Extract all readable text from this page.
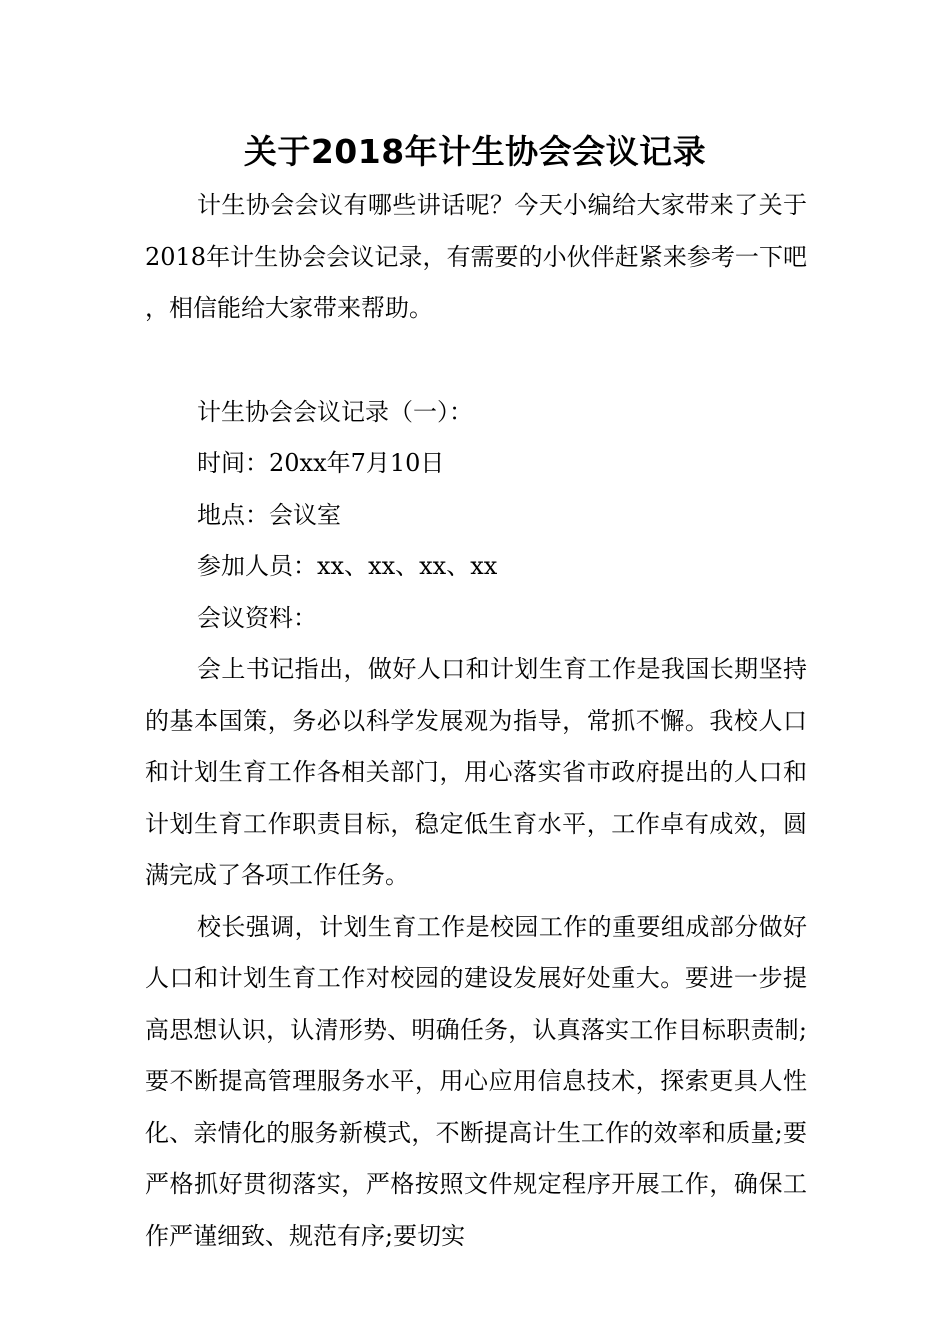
关于2018年计生协会会议记录

计生协会会议有哪些讲话呢？今天小编给大家带来了关于2018年计生协会会议记录，有需要的小伙伴赶紧来参考一下吧，相信能给大家带来帮助。

计生协会会议记录（一）：

时间：20xx年7月10日

地点：会议室

参加人员：xx、xx、xx、xx

会议资料：

会上书记指出，做好人口和计划生育工作是我国长期坚持的基本国策，务必以科学发展观为指导，常抓不懈。我校人口和计划生育工作各相关部门，用心落实省市政府提出的人口和计划生育工作职责目标，稳定低生育水平，工作卓有成效，圆满完成了各项工作任务。

校长强调，计划生育工作是校园工作的重要组成部分做好人口和计划生育工作对校园的建设发展好处重大。要进一步提高思想认识，认清形势、明确任务，认真落实工作目标职责制;要不断提高管理服务水平，用心应用信息技术，探索更具人性化、亲情化的服务新模式，不断提高计生工作的效率和质量;要严格抓好贯彻落实，严格按照文件规定程序开展工作，确保工作严谨细致、规范有序;要切实
